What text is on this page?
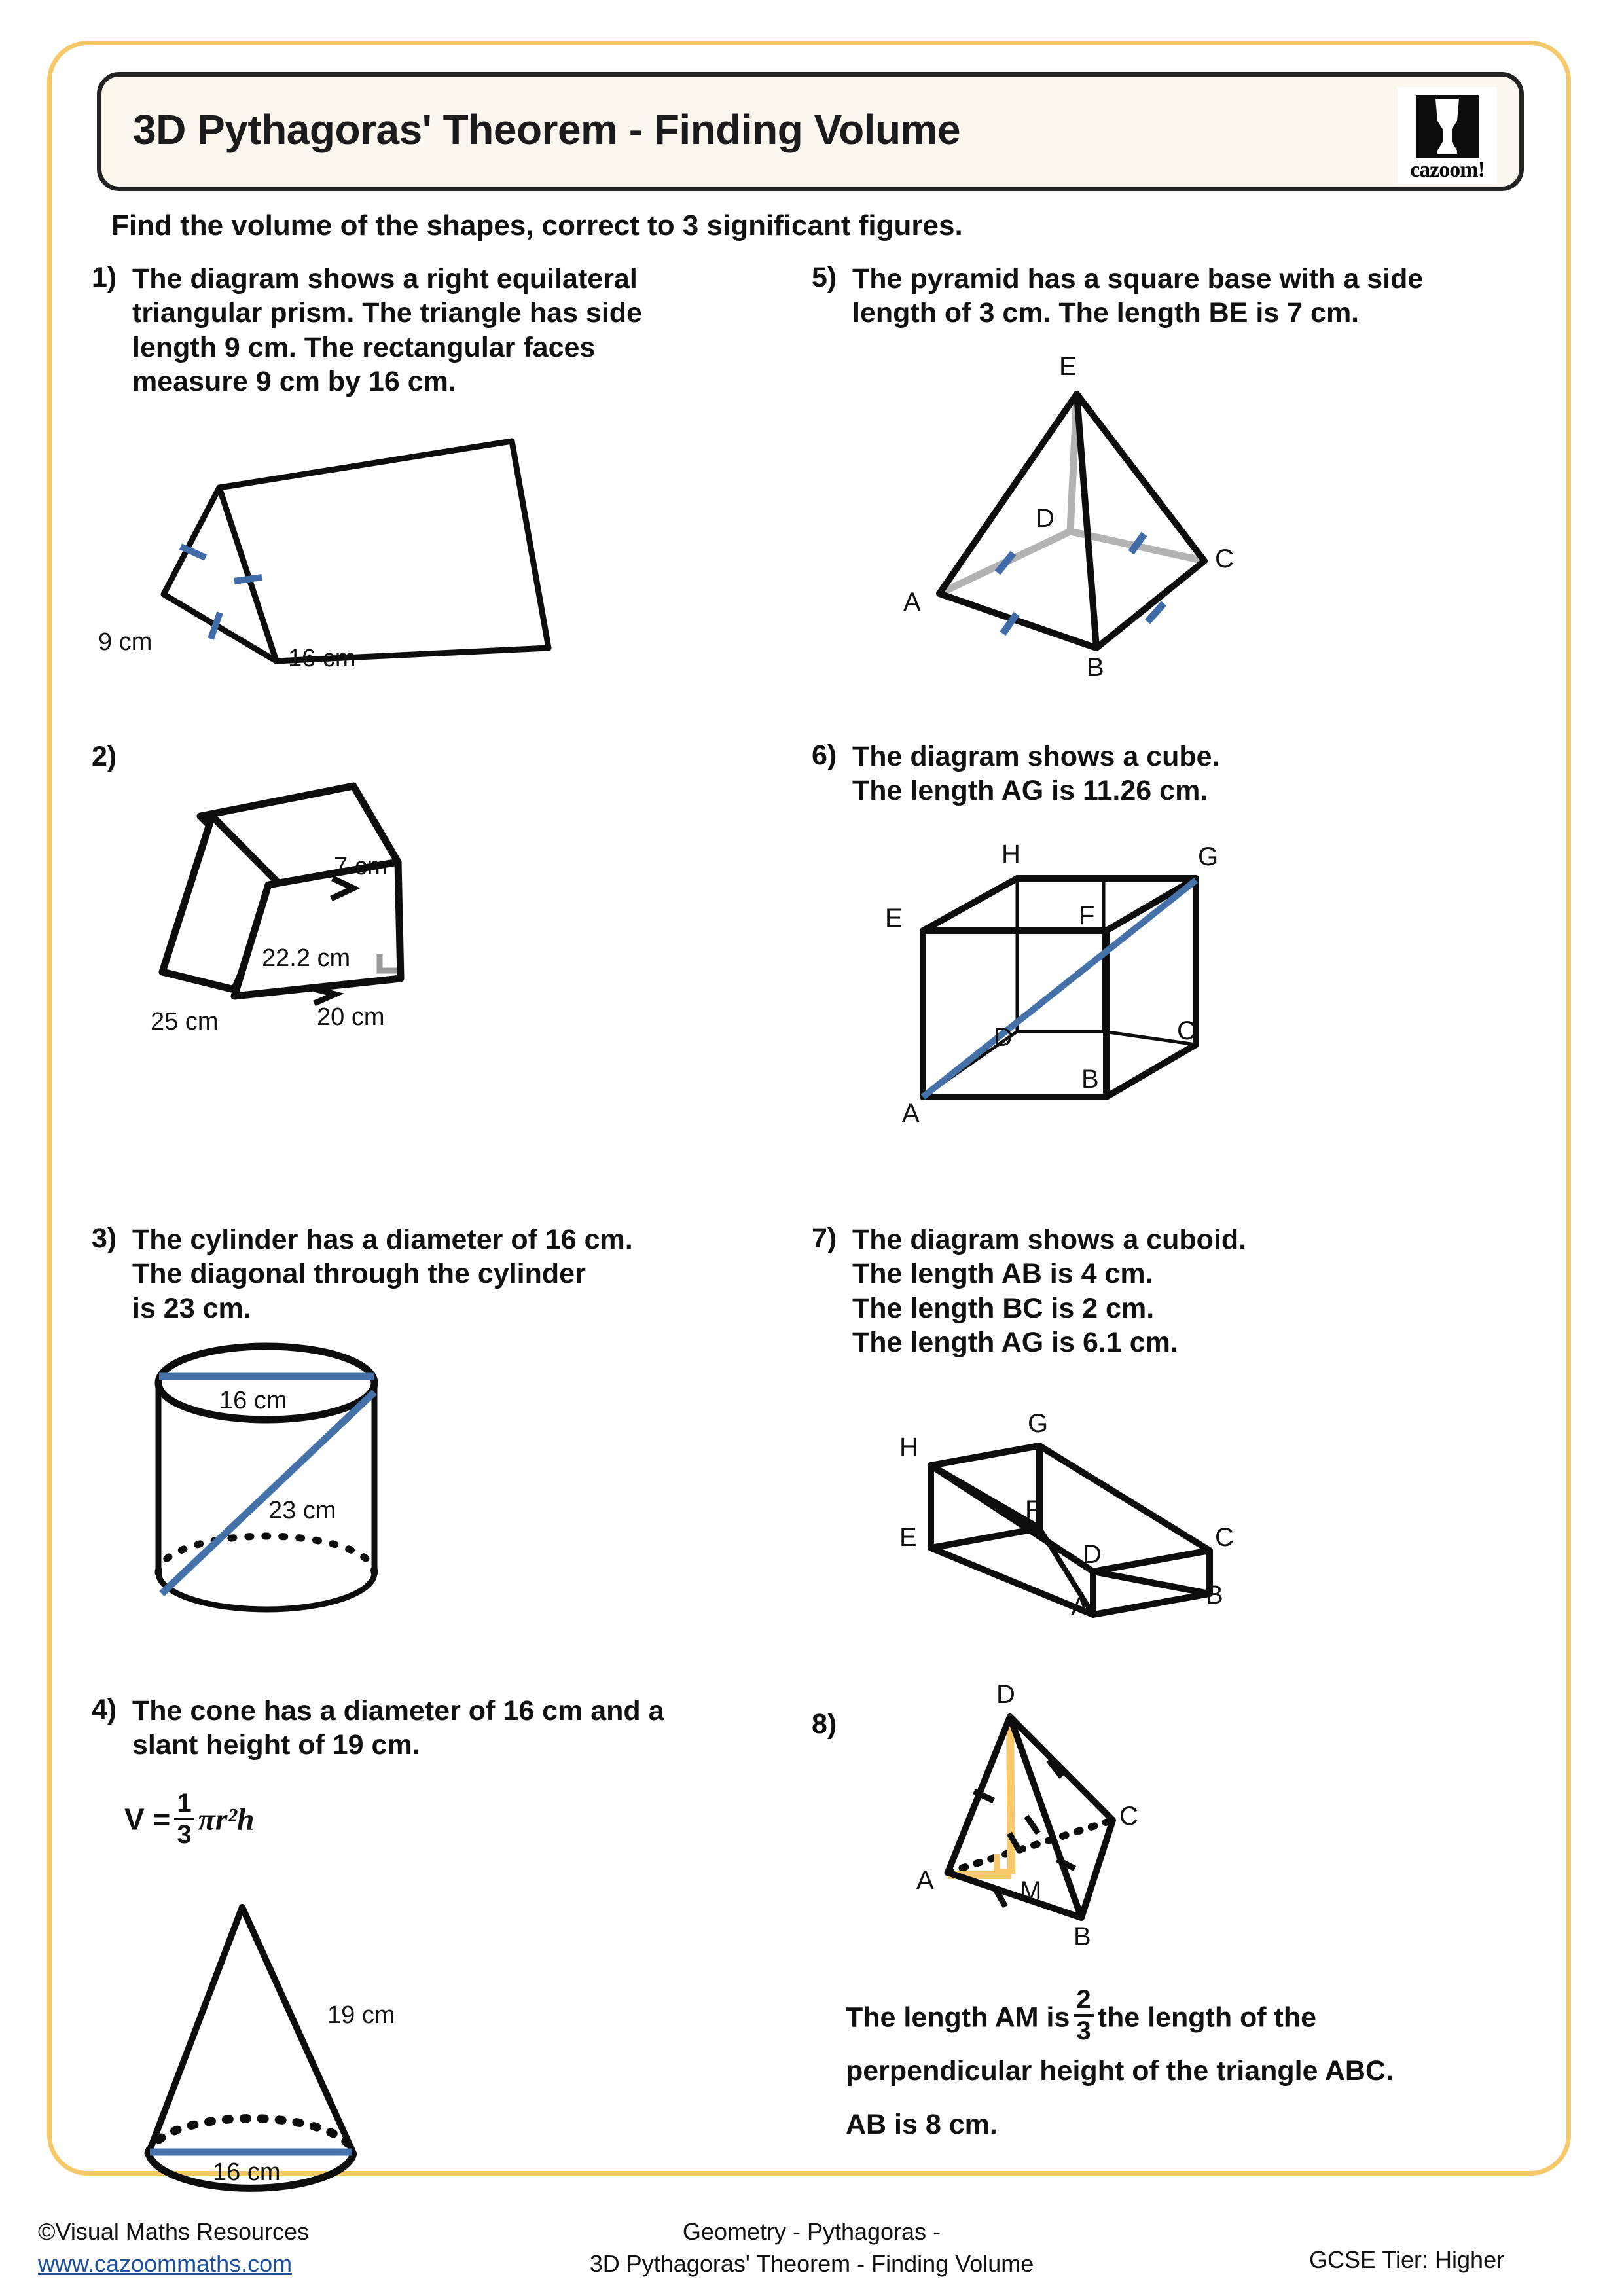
3D Pythagoras' Theorem - Finding Volume
cazoom!
Find the volume of the shapes, correct to 3 significant figures.
1) The diagram shows a right equilateral
triangular prism. The triangle has side
length 9 cm. The rectangular faces
measure 9 cm by 16 cm.
9 cm
16 cm
2)
7 cm
22.2 cm
25 cm	20 cm
3) The cylinder has a diameter of 16 cm.
The diagonal through the cylinder
is 23 cm.
16 cm
23 cm
4) The cone has a diameter of 16 cm and a
slant height of 19 cm.
$V = \frac{1}{3} \pi r^2h$
19 cm
16 cm
5) The pyramid has a square base with a side
length of 3 cm. The length BE is 7 cm.
E
D
C
A
B
6) The diagram shows a cube.
The length AG is 11.26 cm.
H	G
E	F
D	C
A
B
7) The diagram shows a cuboid.
The length AB is 4 cm.
The length BC is 2 cm.
The length AG is 6.1 cm.
G
H
F
E
D
C
A	B
8)
D
C
A	M
B
The length AM is $\frac{2}{3}$ the length of the
perpendicular height of the triangle ABC.
AB is 8 cm.
©Visual Maths Resources
www.cazoommaths.com
Geometry - Pythagoras -
3D Pythagoras' Theorem - Finding Volume	GCSE Tier: Higher
